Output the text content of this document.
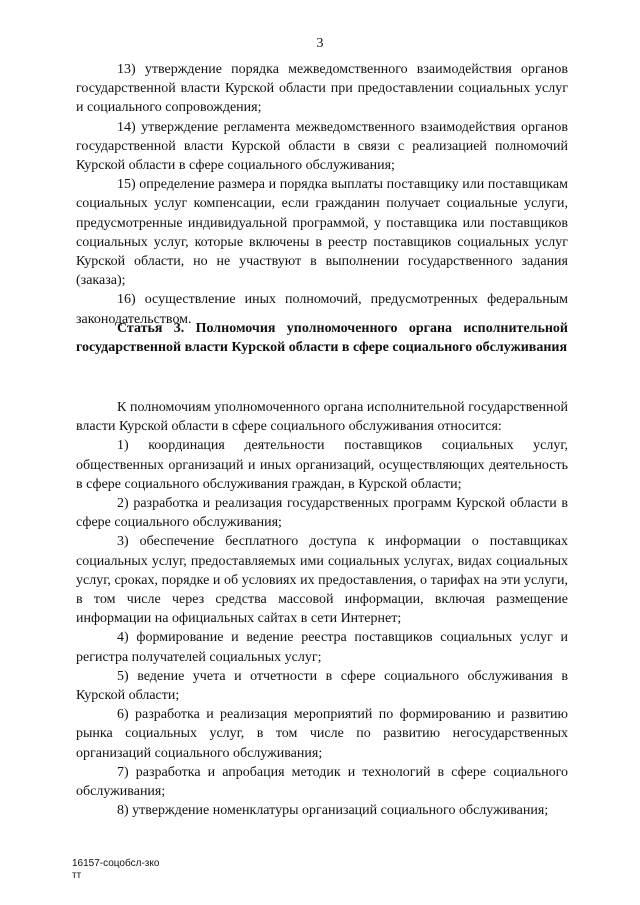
3

13) утверждение порядка межведомственного взаимодействия органов государственной власти Курской области при предоставлении социальных услуг и социального сопровождения;

14) утверждение регламента межведомственного взаимодействия органов государственной власти Курской области в связи с реализацией полномочий Курской области в сфере социального обслуживания;

15) определение размера и порядка выплаты поставщику или поставщикам социальных услуг компенсации, если гражданин получает социальные услуги, предусмотренные индивидуальной программой, у поставщика или поставщиков социальных услуг, которые включены в реестр поставщиков социальных услуг Курской области, но не участвуют в выполнении государственного задания (заказа);

16) осуществление иных полномочий, предусмотренных федеральным законодательством.

Статья 3. Полномочия уполномоченного органа исполнительной государственной власти Курской области в сфере социального обслуживания

К полномочиям уполномоченного органа исполнительной государственной власти Курской области в сфере социального обслуживания относится:

1) координация деятельности поставщиков социальных услуг, общественных организаций и иных организаций, осуществляющих деятельность в сфере социального обслуживания граждан, в Курской области;

2) разработка и реализация государственных программ Курской области в сфере социального обслуживания;

3) обеспечение бесплатного доступа к информации о поставщиках социальных услуг, предоставляемых ими социальных услугах, видах социальных услуг, сроках, порядке и об условиях их предоставления, о тарифах на эти услуги, в том числе через средства массовой информации, включая размещение информации на официальных сайтах в сети Интернет;

4) формирование и ведение реестра поставщиков социальных услуг и регистра получателей социальных услуг;

5) ведение учета и отчетности в сфере социального обслуживания в Курской области;

6) разработка и реализация мероприятий по формированию и развитию рынка социальных услуг, в том числе по развитию негосударственных организаций социального обслуживания;

7) разработка и апробация методик и технологий в сфере социального обслуживания;

8) утверждение номенклатуры организаций социального обслуживания;

16157-соцобсл-зко
тт
